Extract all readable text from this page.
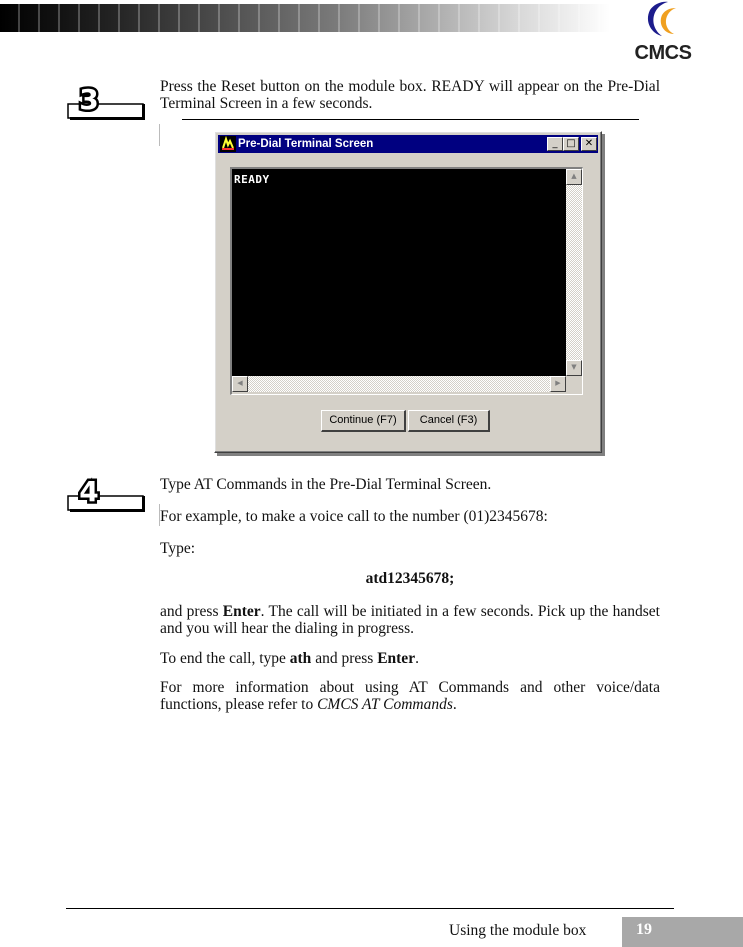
CMCS
3	Press the Reset button on the module box. READY will appear on the Pre-Dial Terminal Screen in a few seconds.

Pre-Dial Terminal Screen	_ □ ✕
READY	▲
▼
◀	▶
Continue (F7)	Cancel (F3)
4	Type AT Commands in the Pre-Dial Terminal Screen.

For example, to make a voice call to the number (01)2345678:

Type:

atd12345678;

and press Enter. The call will be initiated in a few seconds. Pick up the handset and you will hear the dialing in progress.

To end the call, type ath and press Enter.

For more information about using AT Commands and other voice/data functions, please refer to CMCS AT Commands.

Using the module box	19
